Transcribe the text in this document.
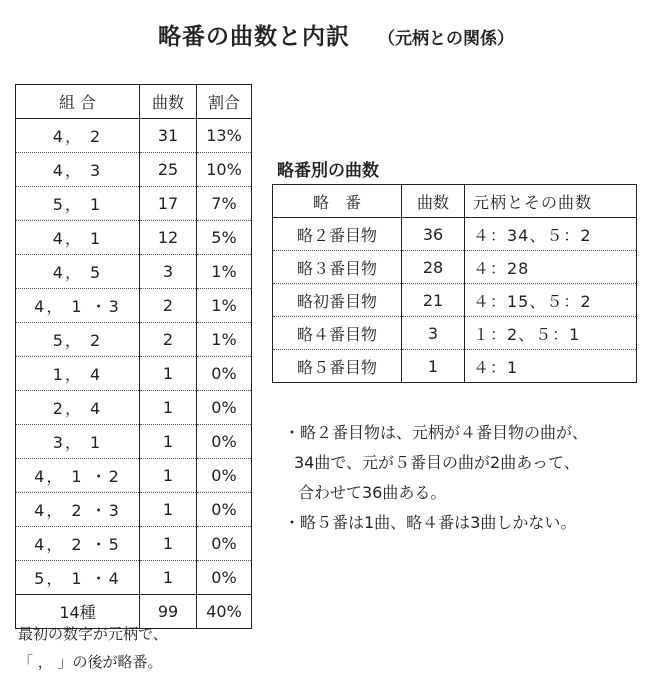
略番の曲数と内訳 （元柄との関係）
組 合	曲数	割合
4， 2	31	13%
4， 3	25	10%
5， 1	17	7%
4， 1	12	5%
4， 5	3	1%
4， 1 ・3	2	1%
5， 2	2	1%
1， 4	1	0%
2， 4	1	0%
3， 1	1	0%
4， 1 ・2	1	0%
4， 2 ・3	1	0%
4， 2 ・5	1	0%
5， 1 ・4	1	0%
14種	99	40%
最初の数字が元柄で、
「 ， 」の後が略番。
略番別の曲数
略　番	曲数	元柄とその曲数
略２番目物	36	４：34、５：2
略３番目物	28	４：28
略初番目物	21	４：15、５：2
略４番目物	3	１：2、５：1
略５番目物	1	４：1
・略２番目物は、元柄が４番目物の曲が、
34曲で、元が５番目の曲が2曲あって、
合わせて36曲ある。
・略５番は1曲、略４番は3曲しかない。
